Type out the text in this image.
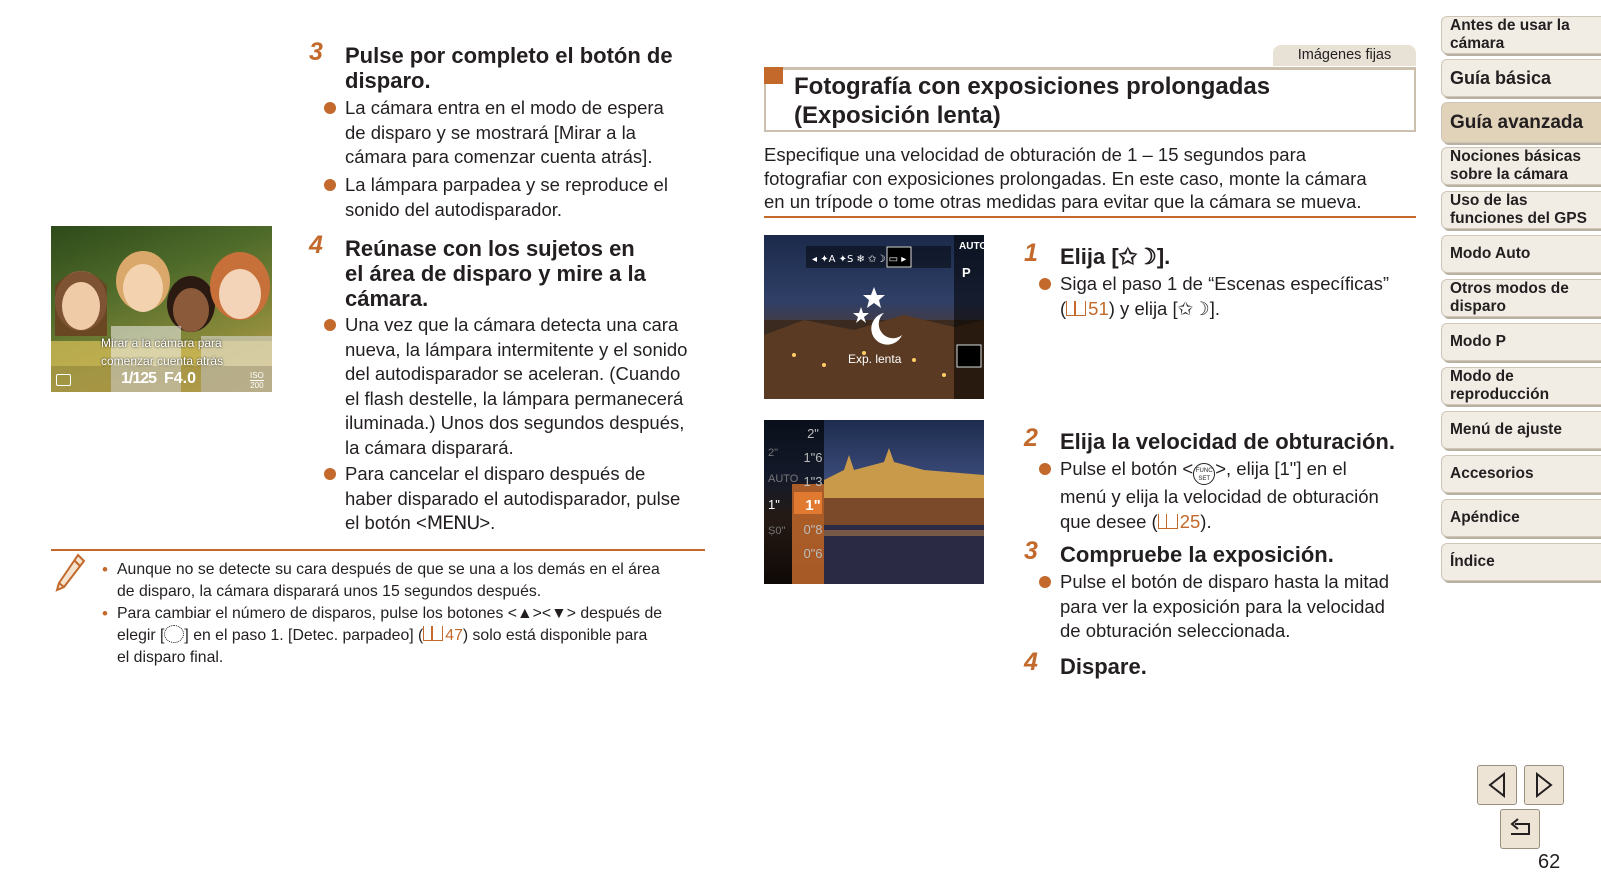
3 Pulse por completo el botón de
disparo.
La cámara entra en el modo de espera
de disparo y se mostrará [Mirar a la
cámara para comenzar cuenta atrás].
La lámpara parpadea y se reproduce el
sonido del autodisparador.
Mirar a la cámara para
comenzar cuenta atrás
1/125 F4.0	ISO
200
4 Reúnase con los sujetos en
el área de disparo y mire a la
cámara.
Una vez que la cámara detecta una cara
nueva, la lámpara intermitente y el sonido
del autodisparador se aceleran. (Cuando
el flash destelle, la lámpara permanecerá
iluminada.) Unos dos segundos después,
la cámara disparará.
Para cancelar el disparo después de
haber disparado el autodisparador, pulse
el botón <MENU>.
• Aunque no se detecte su cara después de que se una a los demás en el área
de disparo, la cámara disparará unos 15 segundos después.
• Para cambiar el número de disparos, pulse los botones <▲><▼> después de
elegir [ ] en el paso 1. [Detec. parpadeo] ( 47) solo está disponible para
el disparo final.
Imágenes fijas
Fotografía con exposiciones prolongadas
(Exposición lenta)
Especifique una velocidad de obturación de 1 – 15 segundos para
fotografiar con exposiciones prolongadas. En este caso, monte la cámara
en un trípode o tome otras medidas para evitar que la cámara se mueva.
◂ ✦A ✦S ❄ ✩☽ ▭ ▸
AUTO
P
Exp. lenta
2"
1"6
1"3
1"
0"8
0"6
2"
AUTO
1"
Ṣ0"
1 Elija [✩☽].
Siga el paso 1 de “Escenas específicas”
( 51) y elija [✩☽].
2 Elija la velocidad de obturación.
Pulse el botón < FUNC SET >, elija [1"] en el
menú y elija la velocidad de obturación
que desee ( 25).
3 Compruebe la exposición.
Pulse el botón de disparo hasta la mitad
para ver la exposición para la velocidad
de obturación seleccionada.
4 Dispare.
Antes de usar la
cámara
Guía básica
Guía avanzada
Nociones básicas
sobre la cámara
Uso de las
funciones del GPS
Modo Auto
Otros modos de
disparo
Modo P
Modo de
reproducción
Menú de ajuste
Accesorios
Apéndice
Índice
62
